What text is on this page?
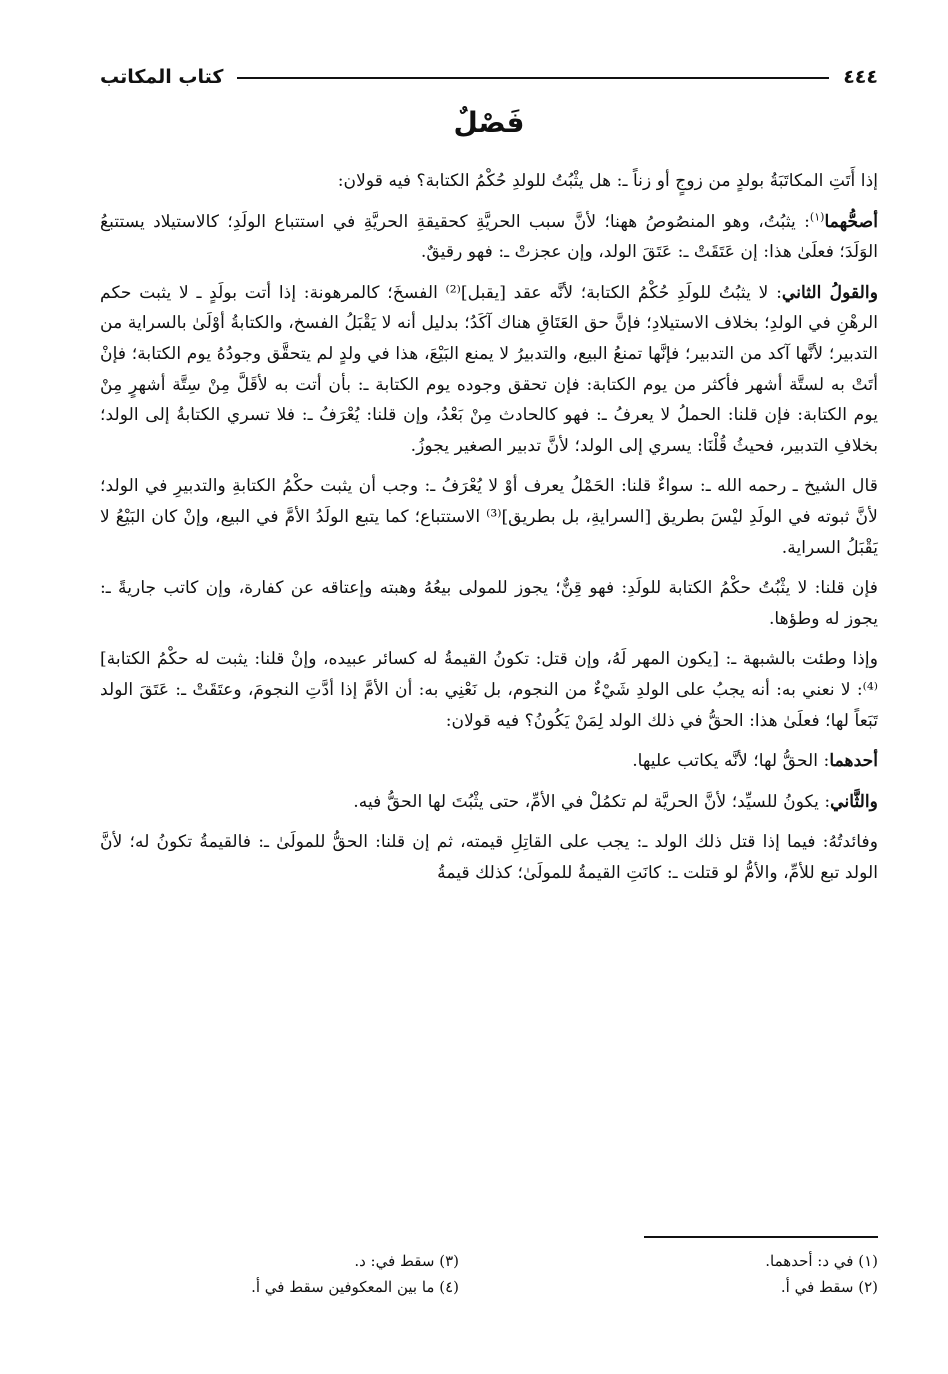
٤٤٤
كتاب المكاتب
فَصْلٌ

إذا أَتَتِ المكاتَبَةُ بولدٍ من زوجٍ أو زناً ـ: هل يثْبُتُ للولدِ حُكْمُ الكتابة؟ فيه قولان:

أصحُّهما$^{(١)}$: يثبُتُ، وهو المنصُوصُ ههنا؛ لأنَّ سبب الحريَّةِ كحقيقةِ الحريَّةِ في استتباع الولَدِ؛ كالاستيلاد يستتبعُ الوَلَدَ؛ فعلَىٰ هذا: إن عَتَقَتْ ـ: عَتَقَ الولد، وإن عجزتْ ـ: فهو رقيقٌ.

والقولُ الثاني: لا يثبُتُ للولَدِ حُكْمُ الكتابة؛ لأنَّه عقد [يقبل]⁽²⁾ الفسخَ؛ كالمرهونة: إذا أتت بولَدٍ ـ لا يثبت حكم الرهْنِ في الولدِ؛ بخلاف الاستيلادِ؛ فإنَّ حق العَتَاقِ هناك آكَدُ؛ بدليل أنه لا يَقْبَلُ الفسخ، والكتابةُ أوْلَىٰ بالسراية من التدبير؛ لأنَّها آكد من التدبير؛ فإنَّها تمنعُ البيع، والتدبيرُ لا يمنع البَيْعَ، هذا في ولدٍ لم يتحقَّق وجودُهُ يوم الكتابة؛ فإنْ أتَتْ به لستَّة أشهر فأكثر من يوم الكتابة: فإن تحقق وجوده يوم الكتابة ـ: بأن أتت به لأقَلَّ مِنْ سِتَّة أشهرٍ مِنْ يوم الكتابة: فإن قلنا: الحملُ لا يعرفُ ـ: فهو كالحادث مِنْ بَعْدُ، وإن قلنا: يُعْرَفُ ـ: فلا تسري الكتابةُ إلى الولد؛ بخلافِ التدبير، فحيثُ قُلْنَا: يسري إلى الولد؛ لأنَّ تدبير الصغير يجوزُ.

قال الشيخ ـ رحمه الله ـ: سواءٌ قلنا: الحَمْلُ يعرف أوْ لا يُعْرَفُ ـ: وجب أن يثبت حكْمُ الكتابةِ والتدبيرِ في الولد؛ لأنَّ ثبوته في الولَدِ ليْسَ بطريق [السرايةِ، بل بطريق]⁽³⁾ الاستتباع؛ كما يتبع الولَدُ الأمَّ في البيع، وإنْ كان البَيْعُ لا يَقْبَلُ السراية.

فإن قلنا: لا يثْبُتُ حكْمُ الكتابة للولَدِ: فهو قِنٌّ؛ يجوز للمولى بيعُهُ وهبته وإعتاقه عن كفارة، وإن كاتب جاريةً ـ: يجوز له وطؤها.

وإذا وطئت بالشبهة ـ: [يكون المهر لَهُ، وإن قتل: تكونُ القيمةُ له كسائر عبيده، وإنْ قلنا: يثبت له حكْمُ الكتابة]⁽⁴⁾: لا نعني به: أنه يجبُ على الولدِ شَيْءٌ من النجوم، بل نَعْنِي به: أن الأمَّ إذا أدَّتِ النجومَ، وعتَقَتْ ـ: عَتَقَ الولد تَبَعاً لها؛ فعلَىٰ هذا: الحقُّ في ذلك الولد لِمَنْ يَكُونُ؟ فيه قولان:

أحدهما: الحقُّ لها؛ لأنَّه يكاتب عليها.

والثَّاني: يكونُ للسيِّد؛ لأنَّ الحريَّة لم تكمُلْ في الأمِّ، حتى يثْبُتَ لها الحقُّ فيه.

وفائدتُهُ: فيما إذا قتل ذلك الولد ـ: يجب على القاتِلِ قيمته، ثم إن قلنا: الحقُّ للمولَىٰ ـ: فالقيمةُ تكونُ له؛ لأنَّ الولد تبع للأمِّ، والأمُّ لو قتلت ـ: كانَتِ القيمةُ للمولَىٰ؛ كذلك قيمةُ

(١) في د: أحدهما.
(٢) سقط في أ.
(٣) سقط في: د.
(٤) ما بين المعكوفين سقط في أ.
